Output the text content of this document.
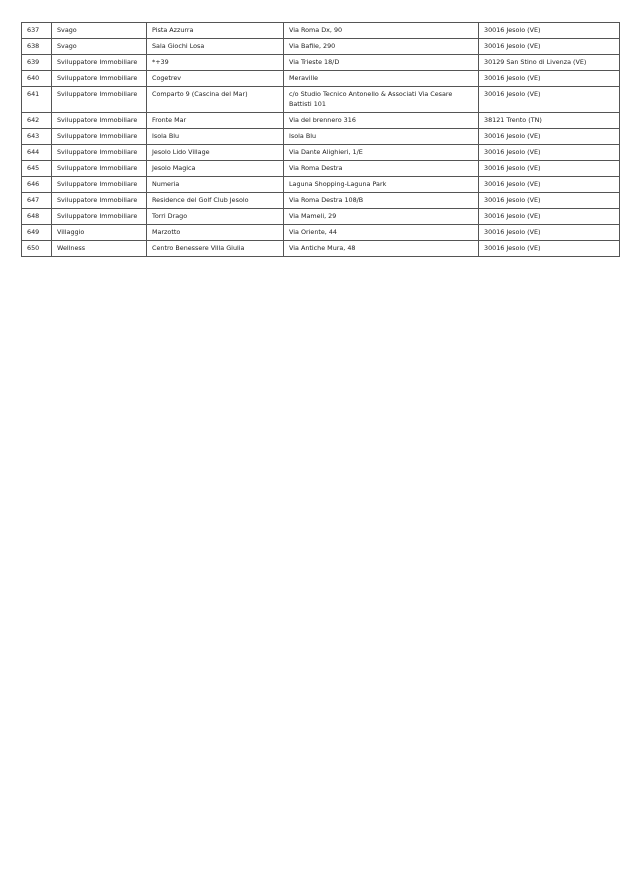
637	Svago	Pista Azzurra	Via Roma Dx, 90	30016 Jesolo (VE)
638	Svago	Sala Giochi Losa	Via Bafile, 290	30016 Jesolo (VE)
639	Sviluppatore Immobiliare	*+39	Via Trieste 18/D	30129 San Stino di Livenza (VE)
640	Sviluppatore Immobiliare	Cogetrev	Meraville	30016 Jesolo (VE)
641	Sviluppatore Immobiliare	Comparto 9 (Cascina del Mar)	c/o Studio Tecnico Antonello & Associati Via Cesare Battisti 101	30016 Jesolo (VE)
642	Sviluppatore Immobiliare	Fronte Mar	Via del brennero 316	38121 Trento (TN)
643	Sviluppatore Immobiliare	Isola Blu	Isola Blu	30016 Jesolo (VE)
644	Sviluppatore Immobiliare	Jesolo Lido Village	Via Dante Alighieri, 1/E	30016 Jesolo (VE)
645	Sviluppatore Immobiliare	Jesolo Magica	Via Roma Destra	30016 Jesolo (VE)
646	Sviluppatore Immobiliare	Numeria	Laguna Shopping-Laguna Park	30016 Jesolo (VE)
647	Sviluppatore Immobiliare	Residence del Golf Club Jesolo	Via Roma Destra 108/B	30016 Jesolo (VE)
648	Sviluppatore Immobiliare	Torri Drago	Via Mameli, 29	30016 Jesolo (VE)
649	Villaggio	Marzotto	Via Oriente, 44	30016 Jesolo (VE)
650	Wellness	Centro Benessere Villa Giulia	Via Antiche Mura, 48	30016 Jesolo (VE)
